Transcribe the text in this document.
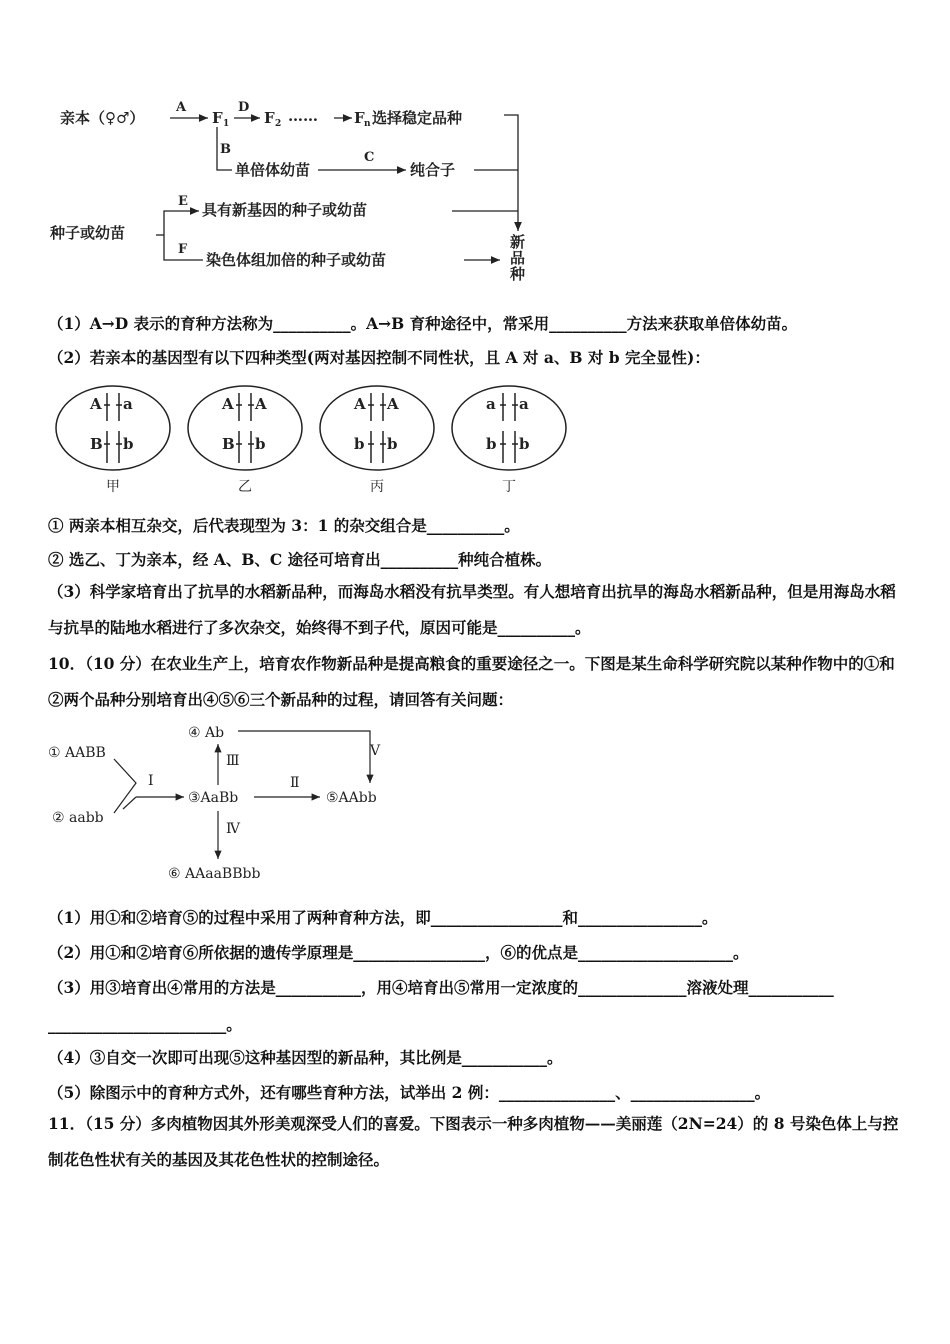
亲本（♀♂）
A
F 1
D
F 2 …… F n 选择稳定品种
B
单倍体幼苗
C
纯合子
种子或幼苗
E 具有新基因的种子或幼苗
F
染色体组加倍的种子或幼苗
新
品
种
（1）A→D 表示的育种方法称为__________。A→B 育种途径中，常采用__________方法来获取单倍体幼苗。
（2）若亲本的基因型有以下四种类型(两对基因控制不同性状，且 A 对 a、B 对 b 完全显性)：
A a
B b
甲
A A
B b
乙
A A
b b
丙
a a
b b
丁
① 两亲本相互杂交，后代表现型为 3：1 的杂交组合是__________。
② 选乙、丁为亲本，经 A、B、C 途径可培育出__________种纯合植株。
（3）科学家培育出了抗旱的水稻新品种，而海岛水稻没有抗旱类型。有人想培育出抗旱的海岛水稻新品种，但是用海岛水稻与抗旱的陆地水稻进行了多次杂交，始终得不到子代，原因可能是__________。
10．（10 分）在农业生产上，培育农作物新品种是提高粮食的重要途径之一。下图是某生命科学研究院以某种作物中的①和②两个品种分别培育出④⑤⑥三个新品种的过程，请回答有关问题：
① AABB
② aabb
③AaBb
④ Ab
⑤AAbb
⑥ AAaaBBbb
Ⅰ	Ⅱ
Ⅲ
Ⅳ
Ⅴ
（1）用①和②培育⑤的过程中采用了两种育种方法，即_________________和________________。
（2）用①和②培育⑥所依据的遗传学原理是_________________，⑥的优点是____________________。
（3）用③培育出④常用的方法是___________，用④培育出⑤常用一定浓度的______________溶液处理___________
_______________________。
（4）③自交一次即可出现⑤这种基因型的新品种，其比例是___________。
（5）除图示中的育种方式外，还有哪些育种方法，试举出 2 例：_______________、________________。
11．（15 分）多肉植物因其外形美观深受人们的喜爱。下图表示一种多肉植物——美丽莲（2N=24）的 8 号染色体上与控制花色性状有关的基因及其花色性状的控制途径。
